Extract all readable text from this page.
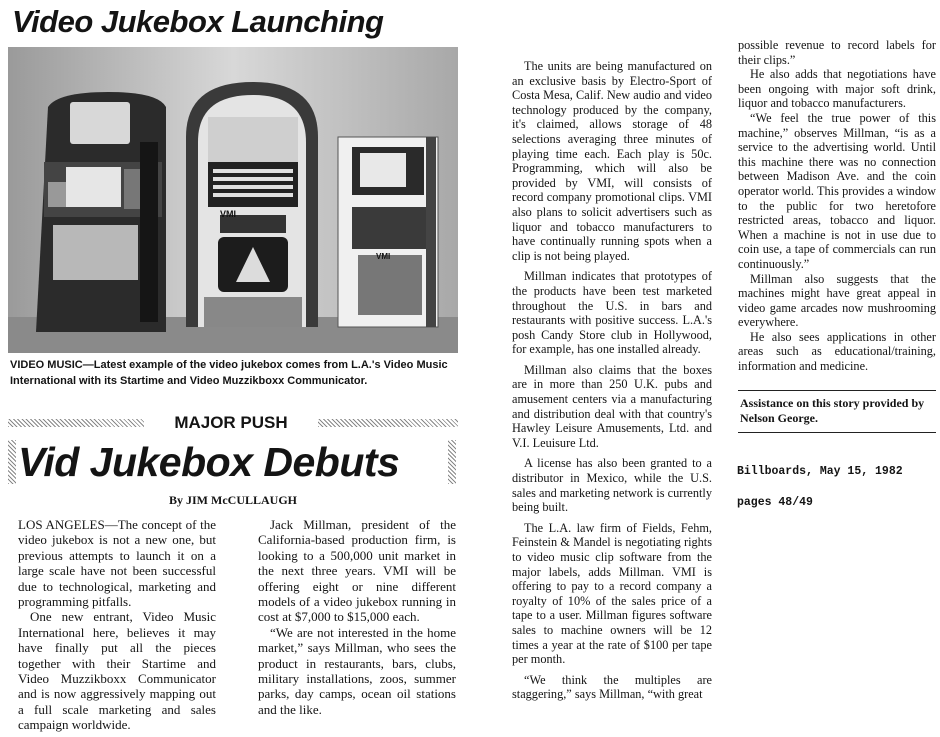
Video Jukebox Launching
VMI
VMI
VIDEO MUSIC—Latest example of the video jukebox comes from L.A.'s Video Music International with its Startime and Video Muzzikboxx Communicator.
MAJOR PUSH
Vid Jukebox Debuts
By JIM McCULLAUGH

LOS ANGELES—The concept of the video jukebox is not a new one, but previous attempts to launch it on a large scale have not been successful due to technological, marketing and programming pitfalls.

One new entrant, Video Music International here, believes it may have finally put all the pieces together with their Startime and Video Muzzikboxx Communicator and is now aggressively mapping out a full scale marketing and sales campaign worldwide.

Jack Millman, president of the California-based production firm, is looking to a 500,000 unit market in the next three years. VMI will be offering eight or nine different models of a video jukebox running in cost at $7,000 to $15,000 each.

“We are not interested in the home market,” says Millman, who sees the product in restaurants, bars, clubs, military installations, zoos, summer parks, day camps, ocean oil stations and the like.

The units are being manufactured on an exclusive basis by Electro-Sport of Costa Mesa, Calif. New audio and video technology produced by the company, it's claimed, allows storage of 48 selections averaging three minutes of playing time each. Each play is 50c. Programming, which will also be provided by VMI, will consists of record company promotional clips. VMI also plans to solicit advertisers such as liquor and tobacco manufacturers to have continually running spots when a clip is not being played.

Millman indicates that prototypes of the products have been test marketed throughout the U.S. in bars and restaurants with positive success. L.A.'s posh Candy Store club in Hollywood, for example, has one installed already.

Millman also claims that the boxes are in more than 250 U.K. pubs and amusement centers via a manufacturing and distribution deal with that country's Hawley Leisure Amusements, Ltd. and V.I. Leuisure Ltd.

A license has also been granted to a distributor in Mexico, while the U.S. sales and marketing network is currently being built.

The L.A. law firm of Fields, Fehm, Feinstein & Mandel is negotiating rights to video music clip software from the major labels, adds Millman. VMI is offering to pay to a record company a royalty of 10% of the sales price of a tape to a user. Millman figures software sales to machine owners will be 12 times a year at the rate of $100 per tape per month.

“We think the multiples are staggering,” says Millman, “with great

possible revenue to record labels for their clips.”

He also adds that negotiations have been ongoing with major soft drink, liquor and tobacco manufacturers.

“We feel the true power of this machine,” observes Millman, “is as a service to the advertising world. Until this machine there was no connection between Madison Ave. and the coin operator world. This provides a window to the public for two heretofore restricted areas, tobacco and liquor. When a machine is not in use due to coin use, a tape of commercials can run continuously.”

Millman also suggests that the machines might have great appeal in video game arcades now mushrooming everywhere.

He also sees applications in other areas such as educational/training, information and medicine.

Assistance on this story provided by Nelson George.
Billboards, May 15, 1982
pages 48/49
